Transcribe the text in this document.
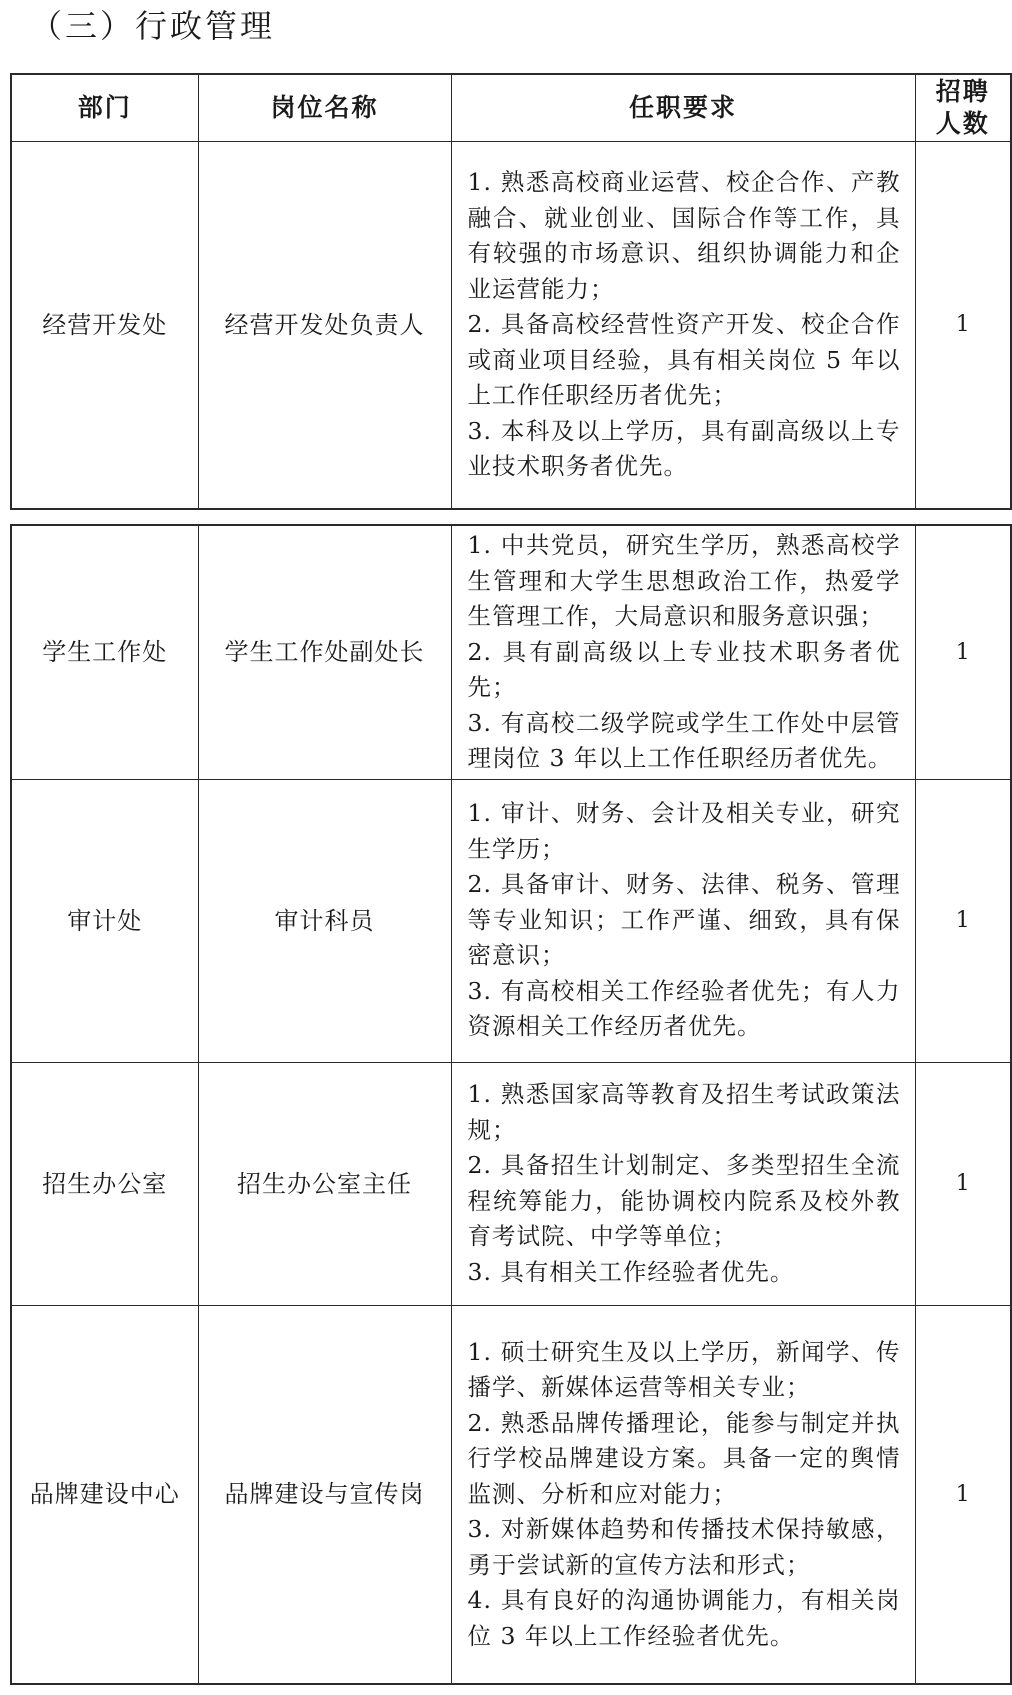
（三）行政管理
部门	岗位名称	任职要求	招聘人数
经营开发处	经营开发处负责人	1. 熟悉高校商业运营、校企合作、产教融合、就业创业、国际合作等工作，具有较强的市场意识、组织协调能力和企业运营能力；
2. 具备高校经营性资产开发、校企合作或商业项目经验，具有相关岗位 5 年以上工作任职经历者优先；
3. 本科及以上学历，具有副高级以上专业技术职务者优先。	1
学生工作处	学生工作处副处长	1. 中共党员，研究生学历，熟悉高校学生管理和大学生思想政治工作，热爱学生管理工作，大局意识和服务意识强；
2. 具有副高级以上专业技术职务者优先；
3. 有高校二级学院或学生工作处中层管理岗位 3 年以上工作任职经历者优先。	1
审计处	审计科员	1. 审计、财务、会计及相关专业，研究生学历；
2. 具备审计、财务、法律、税务、管理等专业知识；工作严谨、细致，具有保密意识；
3. 有高校相关工作经验者优先；有人力资源相关工作经历者优先。	1
招生办公室	招生办公室主任	1. 熟悉国家高等教育及招生考试政策法规；
2. 具备招生计划制定、多类型招生全流程统筹能力，能协调校内院系及校外教育考试院、中学等单位；
3. 具有相关工作经验者优先。	1
品牌建设中心	品牌建设与宣传岗	1. 硕士研究生及以上学历，新闻学、传播学、新媒体运营等相关专业；
2. 熟悉品牌传播理论，能参与制定并执行学校品牌建设方案。具备一定的舆情监测、分析和应对能力；
3. 对新媒体趋势和传播技术保持敏感，勇于尝试新的宣传方法和形式；
4. 具有良好的沟通协调能力，有相关岗位 3 年以上工作经验者优先。	1
